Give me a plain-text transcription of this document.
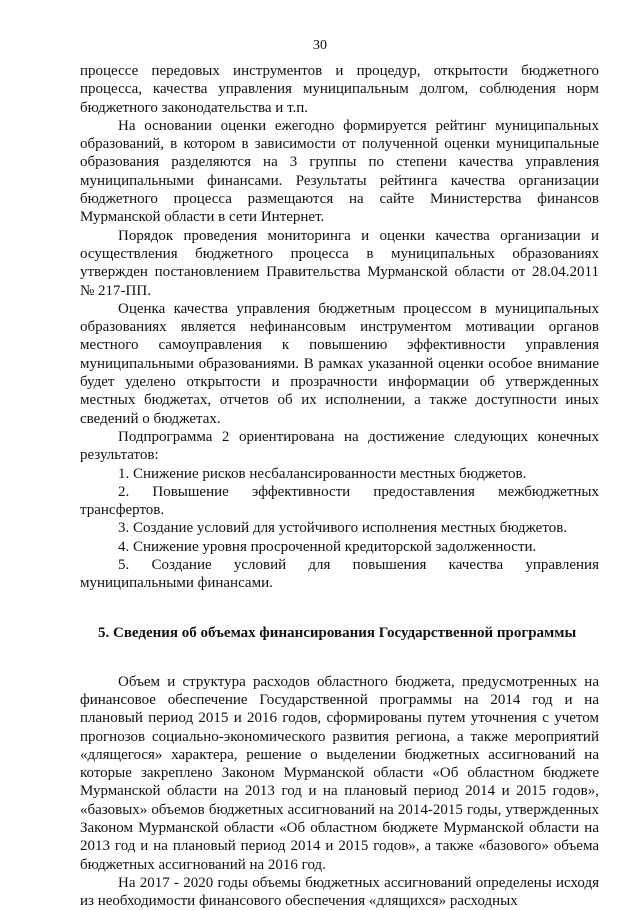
30

процессе передовых инструментов и процедур, открытости бюджетного процесса, качества управления муниципальным долгом, соблюдения норм бюджетного законодательства и т.п.

На основании оценки ежегодно формируется рейтинг муниципальных образований, в котором в зависимости от полученной оценки муниципальные образования разделяются на 3 группы по степени качества управления муниципальными финансами. Результаты рейтинга качества организации бюджетного процесса размещаются на сайте Министерства финансов Мурманской области в сети Интернет.

Порядок проведения мониторинга и оценки качества организации и осуществления бюджетного процесса в муниципальных образованиях утвержден постановлением Правительства Мурманской области от 28.04.2011 № 217-ПП.

Оценка качества управления бюджетным процессом в муниципальных образованиях является нефинансовым инструментом мотивации органов местного самоуправления к повышению эффективности управления муниципальными образованиями. В рамках указанной оценки особое внимание будет уделено открытости и прозрачности информации об утвержденных местных бюджетах, отчетов об их исполнении, а также доступности иных сведений о бюджетах.

Подпрограмма 2 ориентирована на достижение следующих конечных результатов:

1. Снижение рисков несбалансированности местных бюджетов.

2. Повышение эффективности предоставления межбюджетных трансфертов.

3. Создание условий для устойчивого исполнения местных бюджетов.

4. Снижение уровня просроченной кредиторской задолженности.

5. Создание условий для повышения качества управления муниципальными финансами.

5. Сведения об объемах финансирования Государственной программы

Объем и структура расходов областного бюджета, предусмотренных на финансовое обеспечение Государственной программы на 2014 год и на плановый период 2015 и 2016 годов, сформированы путем уточнения с учетом прогнозов социально-экономического развития региона, а также мероприятий «длящегося» характера, решение о выделении бюджетных ассигнований на которые закреплено Законом Мурманской области «Об областном бюджете Мурманской области на 2013 год и на плановый период 2014 и 2015 годов», «базовых» объемов бюджетных ассигнований на 2014-2015 годы, утвержденных Законом Мурманской области «Об областном бюджете Мурманской области на 2013 год и на плановый период 2014 и 2015 годов», а также «базового» объема бюджетных ассигнований на 2016 год.

На 2017 - 2020 годы объемы бюджетных ассигнований определены исходя из необходимости финансового обеспечения «длящихся» расходных
